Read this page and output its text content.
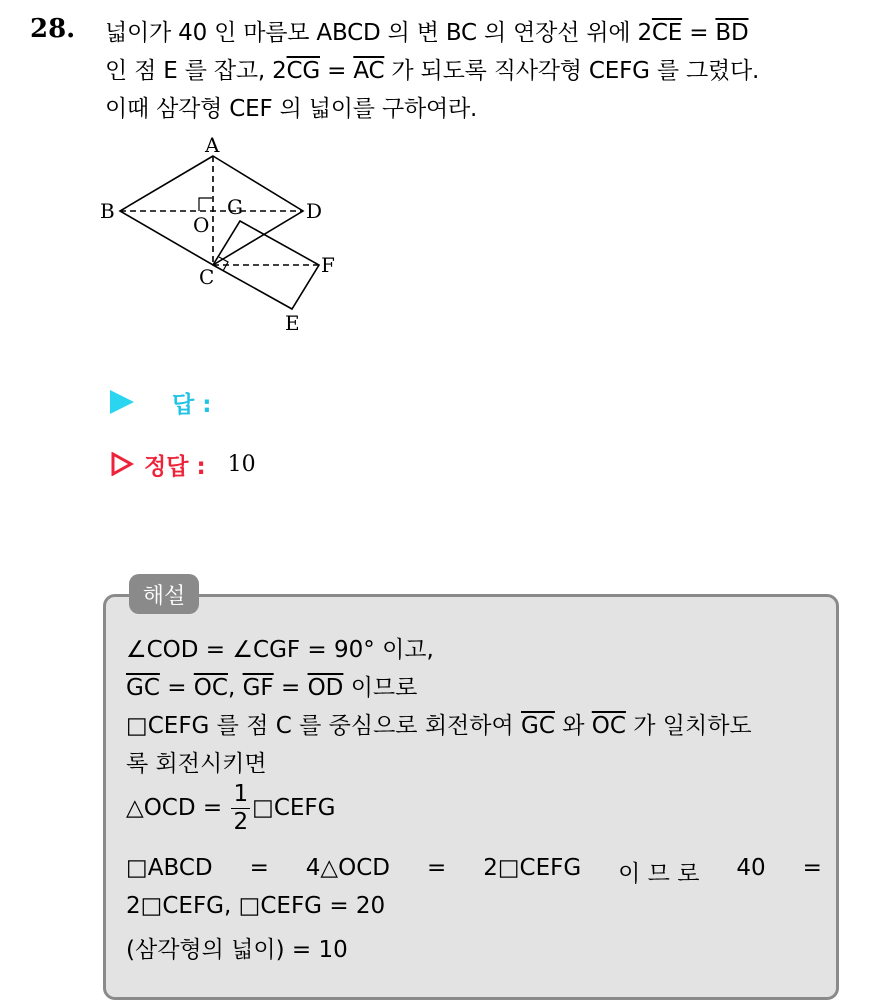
28. 넓이가 40 인 마름모 ABCD 의 변 BC 의 연장선 위에 $2\overline{CE} = \overline{BD}$
인 점 E 를 잡고, $2\overline{CG} = \overline{AC}$ 가 되도록 직사각형 CEFG 를 그렸다.
이때 삼각형 CEF 의 넓이를 구하여라.
A
B	D
O
G
C	F
E
답 :
정답 : 10
해설
∠COD = ∠CGF = 90° 이고,
$\overline{GC} = \overline{OC}$, $\overline{GF} = \overline{OD}$ 이므로
□CEFG 를 점 C 를 중심으로 회전하여 $\overline{GC}$ 와 $\overline{OC}$ 가 일치하도
록 회전시키면
△OCD = $\frac{1}{2}$ □CEFG
□ABCD = 4△OCD = 2□CEFG 이 므 로 40 =
2□CEFG, □CEFG = 20
(삼각형의 넓이) = 10
